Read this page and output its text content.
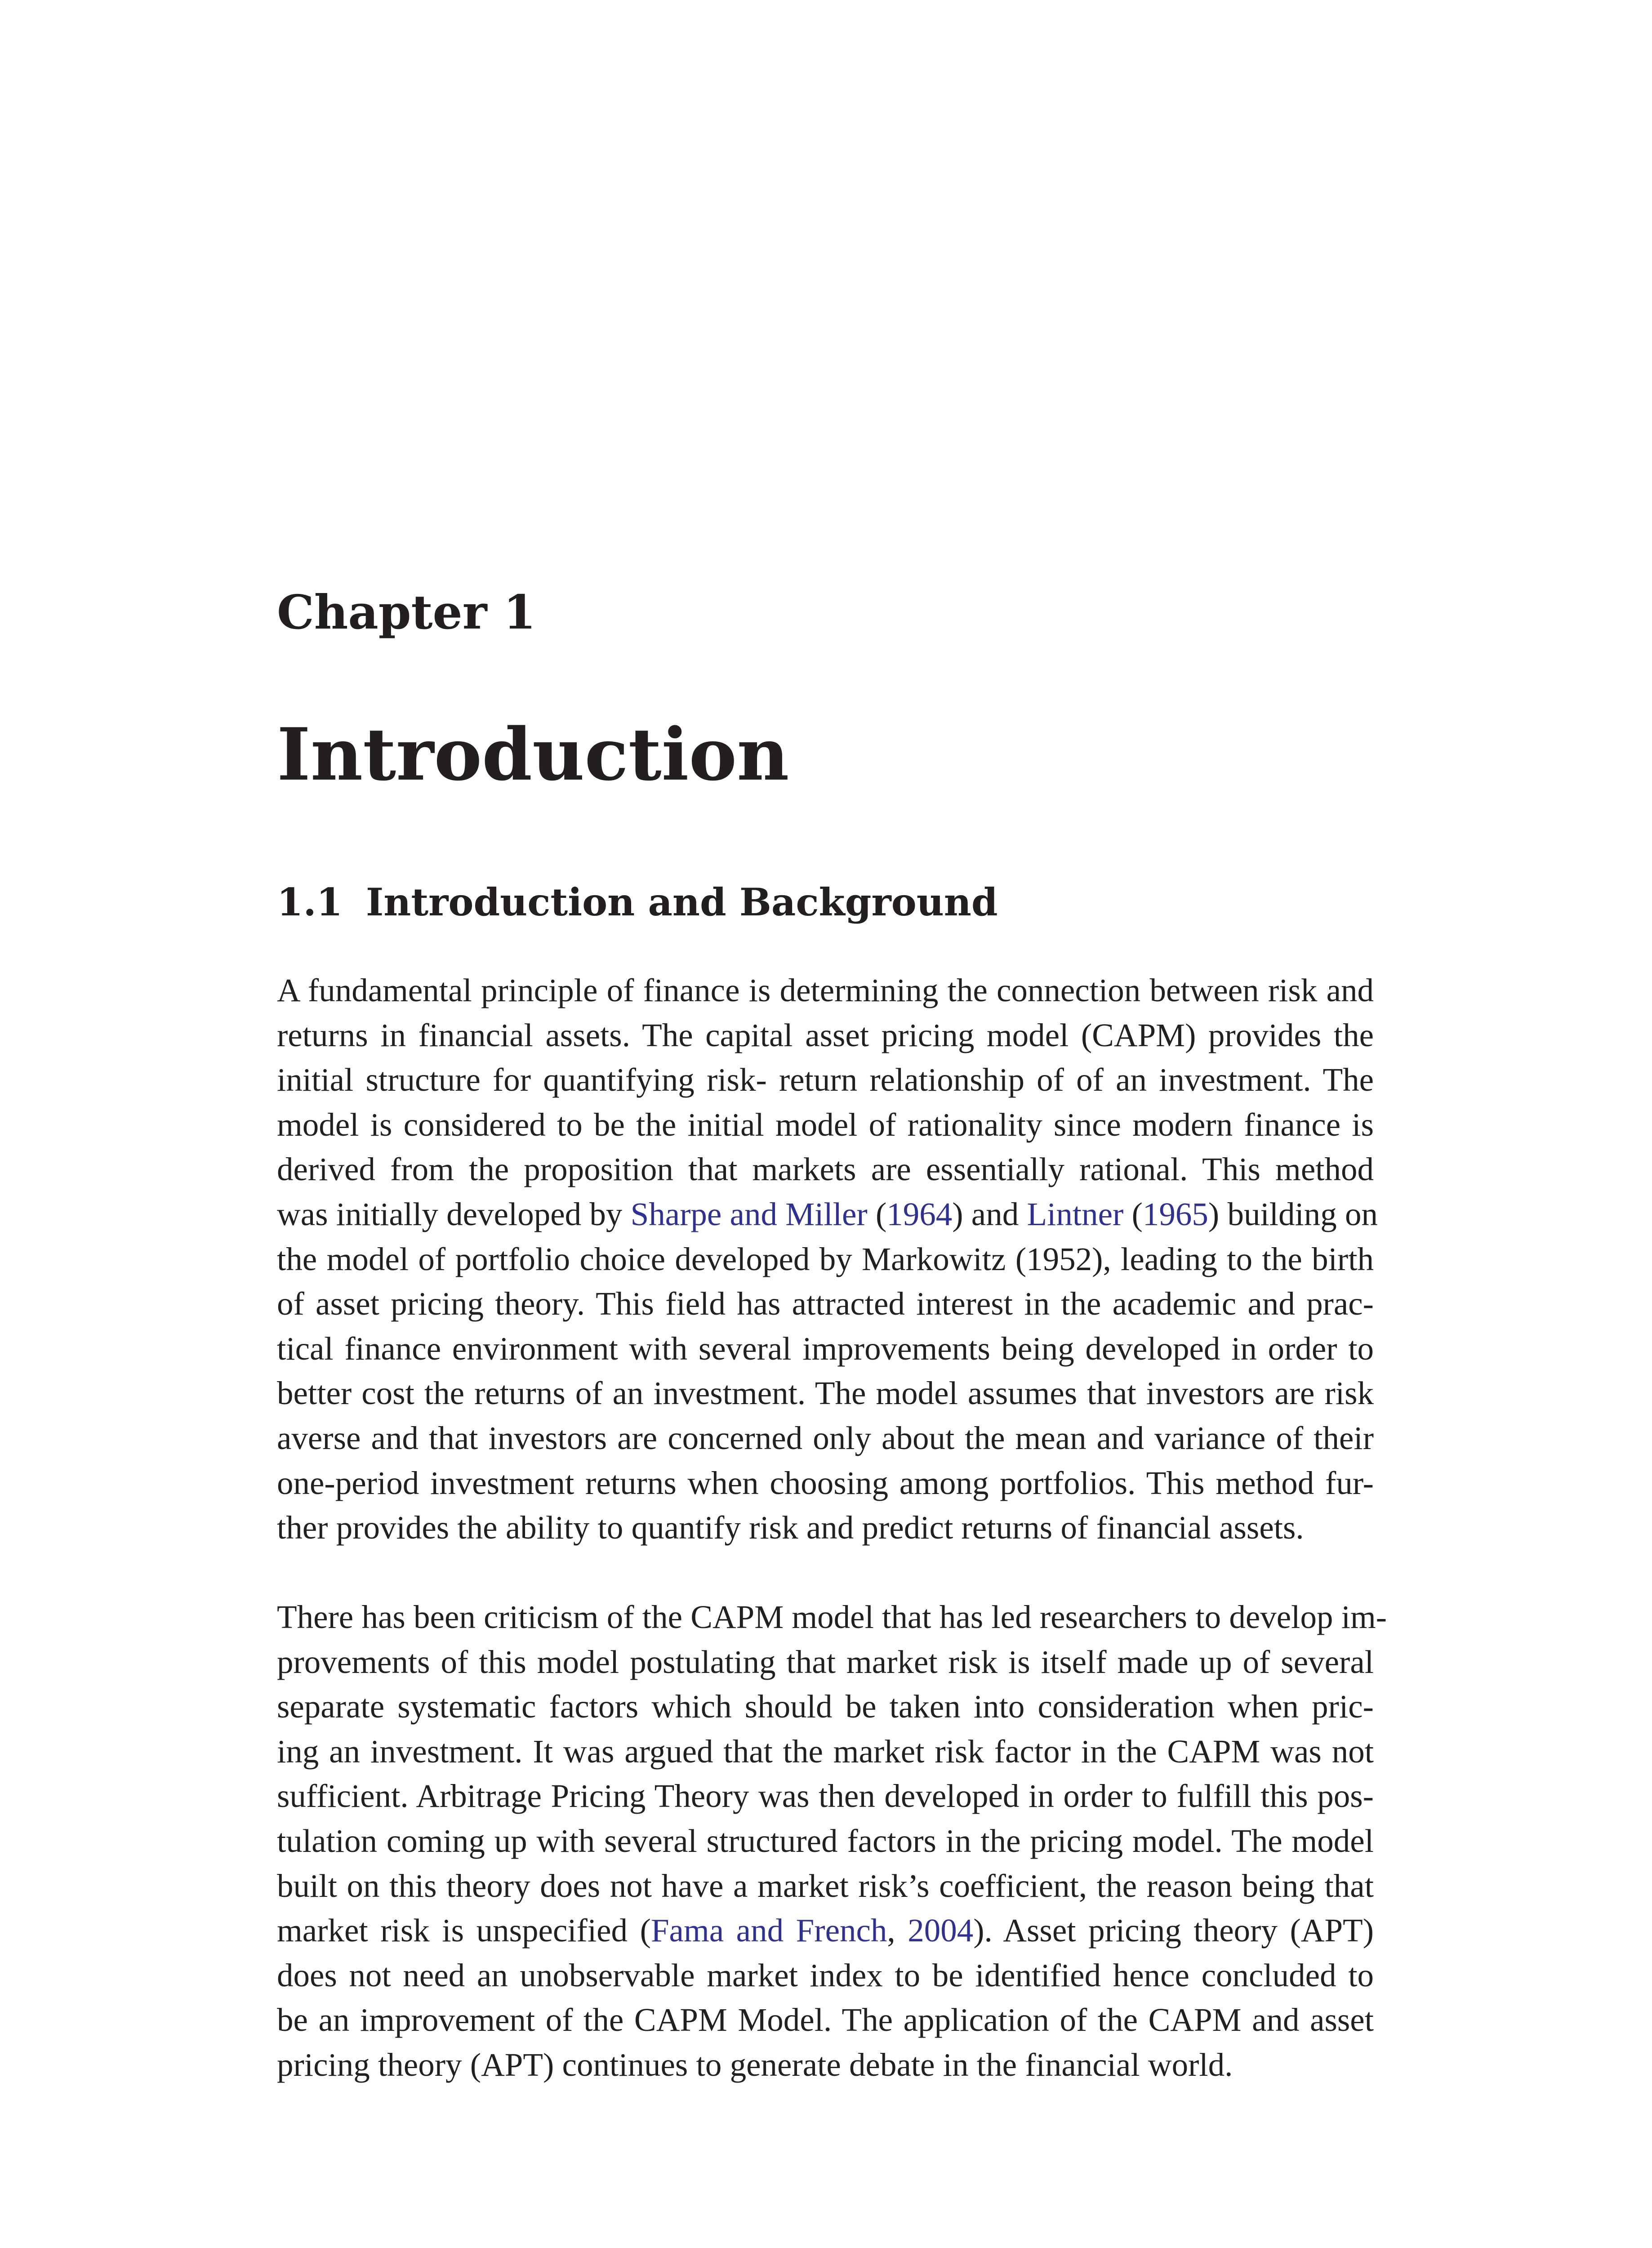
Chapter 1
Introduction
1.1 Introduction and Background
A fundamental principle of finance is determining the connection between risk and
returns in financial assets. The capital asset pricing model (CAPM) provides the
initial structure for quantifying risk- return relationship of of an investment. The
model is considered to be the initial model of rationality since modern finance is
derived from the proposition that markets are essentially rational. This method
was initially developed by Sharpe and Miller (1964) and Lintner (1965) building on
the model of portfolio choice developed by Markowitz (1952), leading to the birth
of asset pricing theory. This field has attracted interest in the academic and prac-
tical finance environment with several improvements being developed in order to
better cost the returns of an investment. The model assumes that investors are risk
averse and that investors are concerned only about the mean and variance of their
one-period investment returns when choosing among portfolios. This method fur-
ther provides the ability to quantify risk and predict returns of financial assets.
There has been criticism of the CAPM model that has led researchers to develop im-
provements of this model postulating that market risk is itself made up of several
separate systematic factors which should be taken into consideration when pric-
ing an investment. It was argued that the market risk factor in the CAPM was not
sufficient. Arbitrage Pricing Theory was then developed in order to fulfill this pos-
tulation coming up with several structured factors in the pricing model. The model
built on this theory does not have a market risk’s coefficient, the reason being that
market risk is unspecified (Fama and French, 2004). Asset pricing theory (APT)
does not need an unobservable market index to be identified hence concluded to
be an improvement of the CAPM Model. The application of the CAPM and asset
pricing theory (APT) continues to generate debate in the financial world.
